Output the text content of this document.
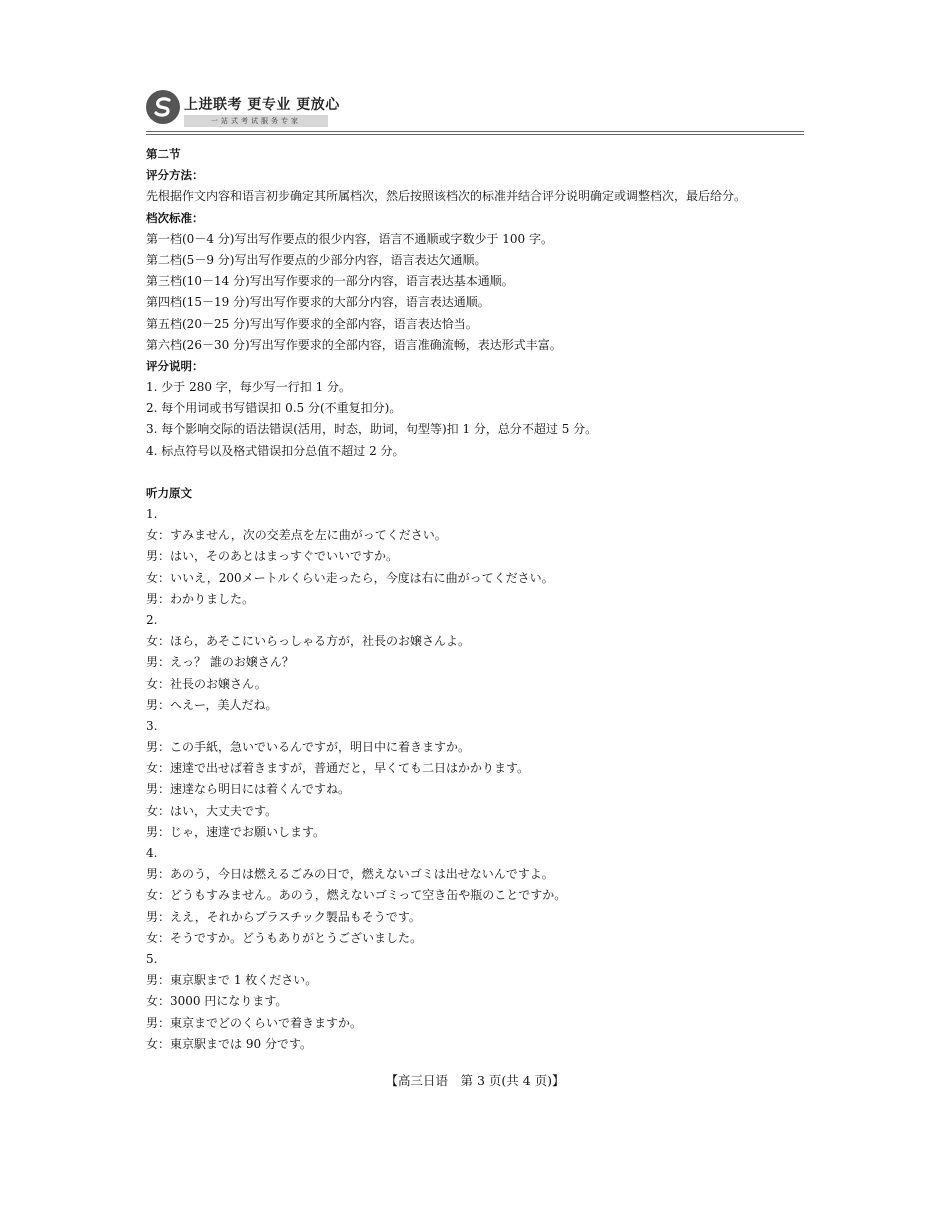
上进联考 更专业 更放心
一站式考试服务专家
第二节
评分方法：
先根据作文内容和语言初步确定其所属档次，然后按照该档次的标准并结合评分说明确定或调整档次，最后给分。
档次标准：
第一档(0－4 分)写出写作要点的很少内容，语言不通顺或字数少于 100 字。
第二档(5－9 分)写出写作要点的少部分内容，语言表达欠通顺。
第三档(10－14 分)写出写作要求的一部分内容，语言表达基本通顺。
第四档(15－19 分)写出写作要求的大部分内容，语言表达通顺。
第五档(20－25 分)写出写作要求的全部内容，语言表达恰当。
第六档(26－30 分)写出写作要求的全部内容，语言准确流畅，表达形式丰富。
评分说明：
1. 少于 280 字，每少写一行扣 1 分。
2. 每个用词或书写错误扣 0.5 分(不重复扣分)。
3. 每个影响交际的语法错误(活用，时态，助词，句型等)扣 1 分，总分不超过 5 分。
4. 标点符号以及格式错误扣分总值不超过 2 分。
听力原文
1.
女：すみません，次の交差点を左に曲がってください。
男：はい，そのあとはまっすぐでいいですか。
女：いいえ，200メートルくらい走ったら，今度は右に曲がってください。
男：わかりました。
2.
女：ほら，あそこにいらっしゃる方が，社長のお嬢さんよ。
男：えっ？ 誰のお嬢さん？
女：社長のお嬢さん。
男：へえー，美人だね。
3.
男：この手紙，急いでいるんですが，明日中に着きますか。
女：速達で出せば着きますが，普通だと，早くても二日はかかります。
男：速達なら明日には着くんですね。
女：はい，大丈夫です。
男：じゃ，速達でお願いします。
4.
男：あのう，今日は燃えるごみの日で，燃えないゴミは出せないんですよ。
女：どうもすみません。あのう，燃えないゴミって空き缶や瓶のことですか。
男：ええ，それからプラスチック製品もそうです。
女：そうですか。どうもありがとうございました。
5.
男：東京駅まで 1 枚ください。
女：3000 円になります。
男：東京までどのくらいで着きますか。
女：東京駅までは 90 分です。
【高三日语　第 3 页(共 4 页)】
